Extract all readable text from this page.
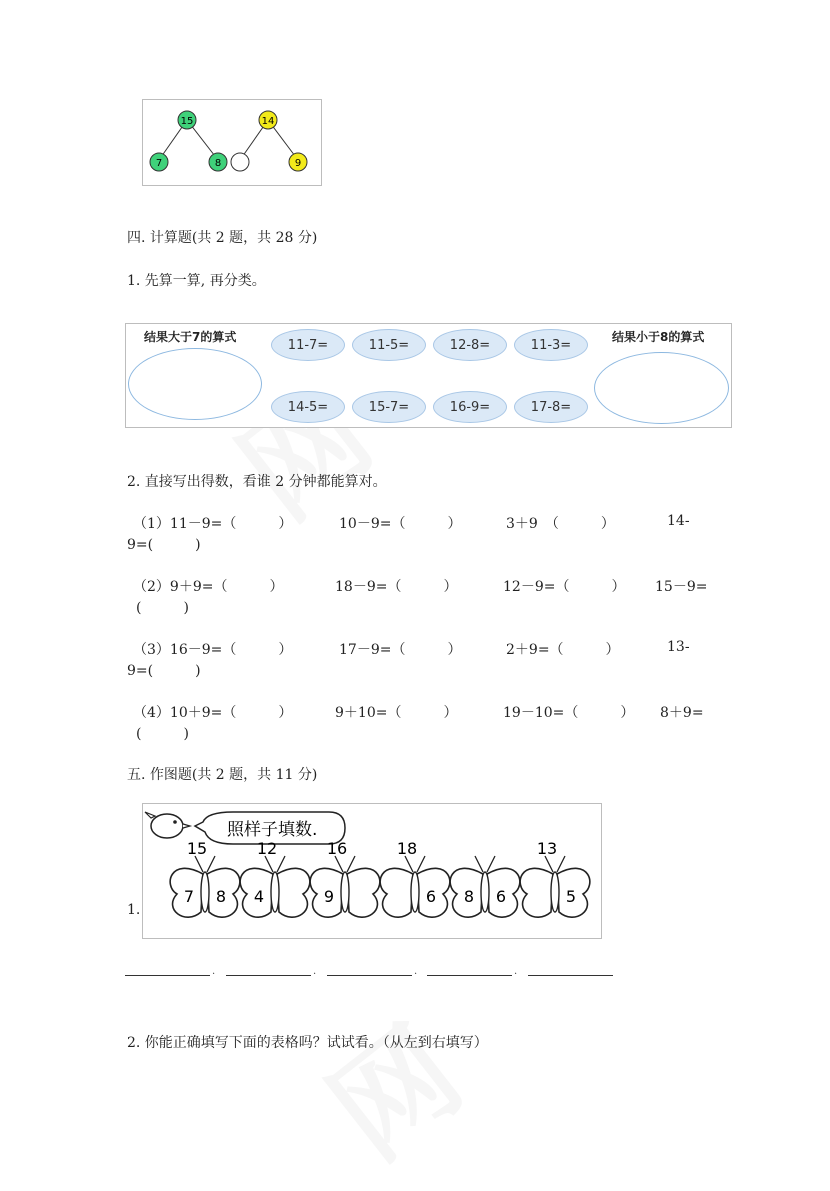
15
7	8
14
9
四. 计算题(共 2 题，共 28 分)
1. 先算一算, 再分类。
结果大于7的算式	结果小于8的算式
11-7=	11-5=	12-8=	11-3=
14-5=	15-7=	16-9=	17-8=
2. 直接写出得数，看谁 2 分钟都能算对。
（1）11－9=（　　　）	10－9=（　　　）	3＋9　（　　　）	14-
9=(　　　)
（2）9＋9=（　　　）	18－9=（　　　）	12－9=（　　　） 15－9=
(　　　)
（3）16－9=（　　　）	17－9=（　　　）	2＋9=（　　　）	13-
9=(　　　)
（4）10＋9=（　　　）	9＋10=（　　　）	19－10=（　　　） 8＋9=
(　　　)
五. 作图题(共 2 题，共 11 分)
1.
照样子填数.
15
7 8
12
4
16
9
18
6 8 6
13
5
.	.	.	.
2. 你能正确填写下面的表格吗？试试看。（从左到右填写）
